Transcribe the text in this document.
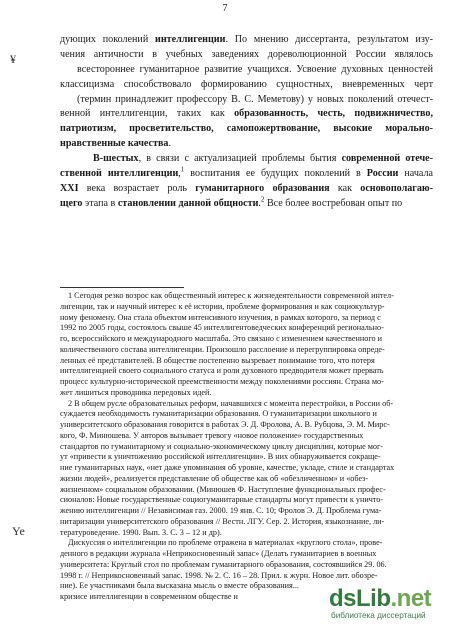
7
¥
Ye
дующих поколений интеллигенции. По мнению диссертанта, результатом изу-
чения античности в учебных заведениях дореволюционной России являлось
всестороннее гуманитарное развитие учащихся. Усвоение духовных ценностей
классицизма способствовало формированию сущностных, вневременных черт
(термин принадлежит профессору В. С. Меметову) у новых поколений отечест-
венной интеллигенции, таких как образованность, честь, подвижничество,
патриотизм, просветительство, самопожертвование, высокие морально-
нравственные качества.
В-шестых, в связи с актуализацией проблемы бытия современной отече-
ственной интеллигенции,$^1$ воспитания ее будущих поколений в России начала
XXI века возрастает роль гуманитарного образования как основополагаю-
щего этапа в становлении данной общности.$^2$ Все более востребован опыт по
1 Сегодня резко возрос как общественный интерес к жизнедеятельности современной интел-
лигенции, так и научный интерес к её истории, проблеме формирования и как социокультур-
ному феномену. Она стала объектом интенсивного изучения, в рамках которого, за период с
1992 по 2005 годы, состоялось свыше 45 интеллигентоведческих конференций регионально-
го, всероссийского и международного масштаба. Это связано с изменением качественного и
количественного состава интеллигенции. Произошло расслоение и перегруппировка опреде-
ленных её представителей. В обществе постепенно вызревает понимание того, что потеря
интеллигенцией своего социального статуса и роли духовного предводителя может прервать
процесс культурно-исторической преемственности между поколениями россиян. Страна мо-
жет лишиться проводника передовых идей.
2 В общем русле образовательных реформ, начавшихся с момента перестройки, в России об-
суждается необходимость гуманитаризации образования. О гуманитаризации школьного и
университетского образования говорится в работах Э. Д. Фролова, А. В. Рубцова, Э. М. Мирс-
кого, Ф. Минюшева. У авторов вызывает тревогу «новое положение» государственных
стандартов по гуманитарному и социально-экономическому циклу дисциплин, которые мог-
ут «привести к уничтожению российской интеллигенции». В них обнаруживается сокраще-
ние гуманитарных наук, «нет даже упоминания об уровне, качестве, укладе, стиле и стандартах
жизни людей», реализуется представление об обществе как об «обезличенном» и «обез-
жизненном» социальном образовании. (Минюшев Ф. Наступление функциональных профес-
сионалов: Новые государственные социогуманитарные стандарты могут привести к уничто-
жению интеллигенции // Независимая газ. 2000. 19 янв. С. 10; Фролов Э. Д. Проблема гума-
нитаризации университетского образования // Вестн. ЛГУ. Сер. 2. История, языкознание, ли-
тературоведение. 1990. Вып. 3. С. 3 – 12 и др).
Дискуссия о интеллигенции по проблеме отражена в материалах «круглого стола», прове-
денного в редакции журнала «Неприкосновенный запас» (Делать гуманитариев в военных
университета: Круглый стол по проблемам гуманитарного образования, состоявшийся 29. 06.
1998 г. // Неприкосновенный запас. 1998. № 2. С. 16 – 28. Прил. к журн. Новое лит. обозре-
ние). Ее участниками была высказана мысль о вместе образования...
кризисе интеллигенции в современном обществе и	dsLib.net
библиотека диссертаций
